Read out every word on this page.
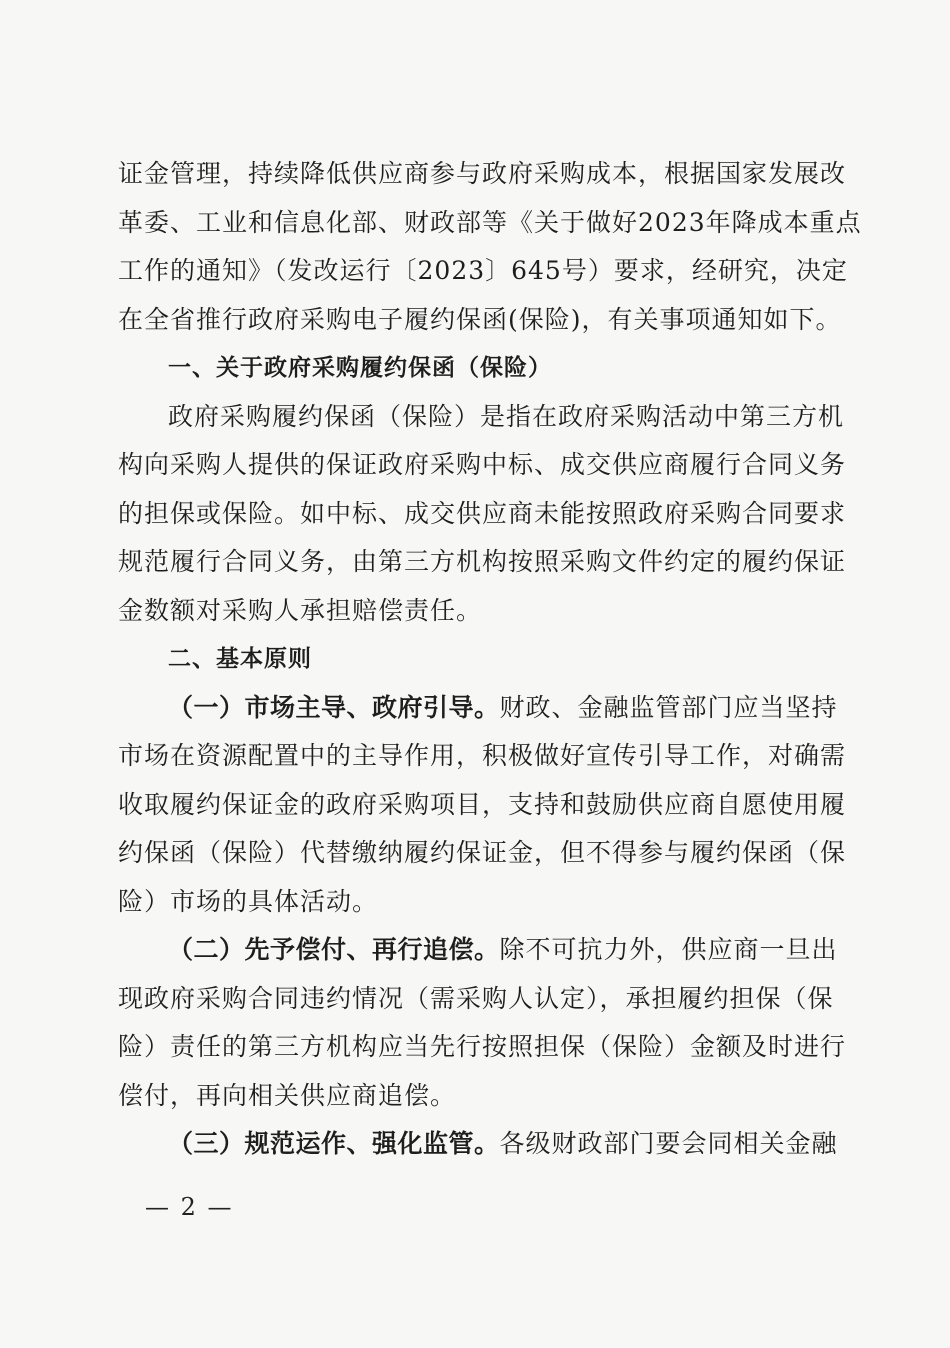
证金管理，持续降低供应商参与政府采购成本，根据国家发展改
革委、工业和信息化部、财政部等《关于做好2023年降成本重点
工作的通知》（发改运行〔2023〕645号）要求，经研究，决定
在全省推行政府采购电子履约保函(保险)，有关事项通知如下。
一、关于政府采购履约保函（保险）
政府采购履约保函（保险）是指在政府采购活动中第三方机
构向采购人提供的保证政府采购中标、成交供应商履行合同义务
的担保或保险。如中标、成交供应商未能按照政府采购合同要求
规范履行合同义务，由第三方机构按照采购文件约定的履约保证
金数额对采购人承担赔偿责任。
二、基本原则
（一）市场主导、政府引导。财政、金融监管部门应当坚持
市场在资源配置中的主导作用，积极做好宣传引导工作，对确需
收取履约保证金的政府采购项目，支持和鼓励供应商自愿使用履
约保函（保险）代替缴纳履约保证金，但不得参与履约保函（保
险）市场的具体活动。
（二）先予偿付、再行追偿。除不可抗力外，供应商一旦出
现政府采购合同违约情况（需采购人认定），承担履约担保（保
险）责任的第三方机构应当先行按照担保（保险）金额及时进行
偿付，再向相关供应商追偿。
（三）规范运作、强化监管。各级财政部门要会同相关金融
— 2 —
